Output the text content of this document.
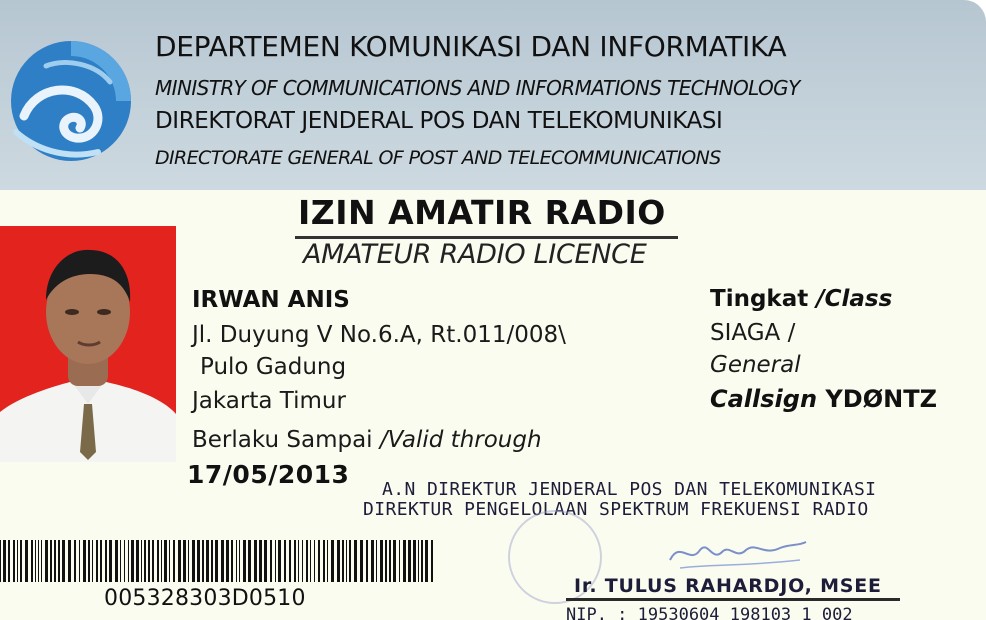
DEPARTEMEN KOMUNIKASI DAN INFORMATIKA
MINISTRY OF COMMUNICATIONS AND INFORMATIONS TECHNOLOGY
DIREKTORAT JENDERAL POS DAN TELEKOMUNIKASI
DIRECTORATE GENERAL OF POST AND TELECOMMUNICATIONS
IZIN AMATIR RADIO
AMATEUR RADIO LICENCE
IRWAN ANIS
Jl. Duyung V No.6.A, Rt.011/008\
Pulo Gadung
Jakarta Timur
Berlaku Sampai /Valid through
17/05/2013
Tingkat /Class
SIAGA /
General
Callsign YDØNTZ
A.N DIREKTUR JENDERAL POS DAN TELEKOMUNIKASI
DIREKTUR PENGELOLAAN SPEKTRUM FREKUENSI RADIO
Ir. TULUS RAHARDJO, MSEE
NIP. : 19530604 198103 1 002
005328303D0510
